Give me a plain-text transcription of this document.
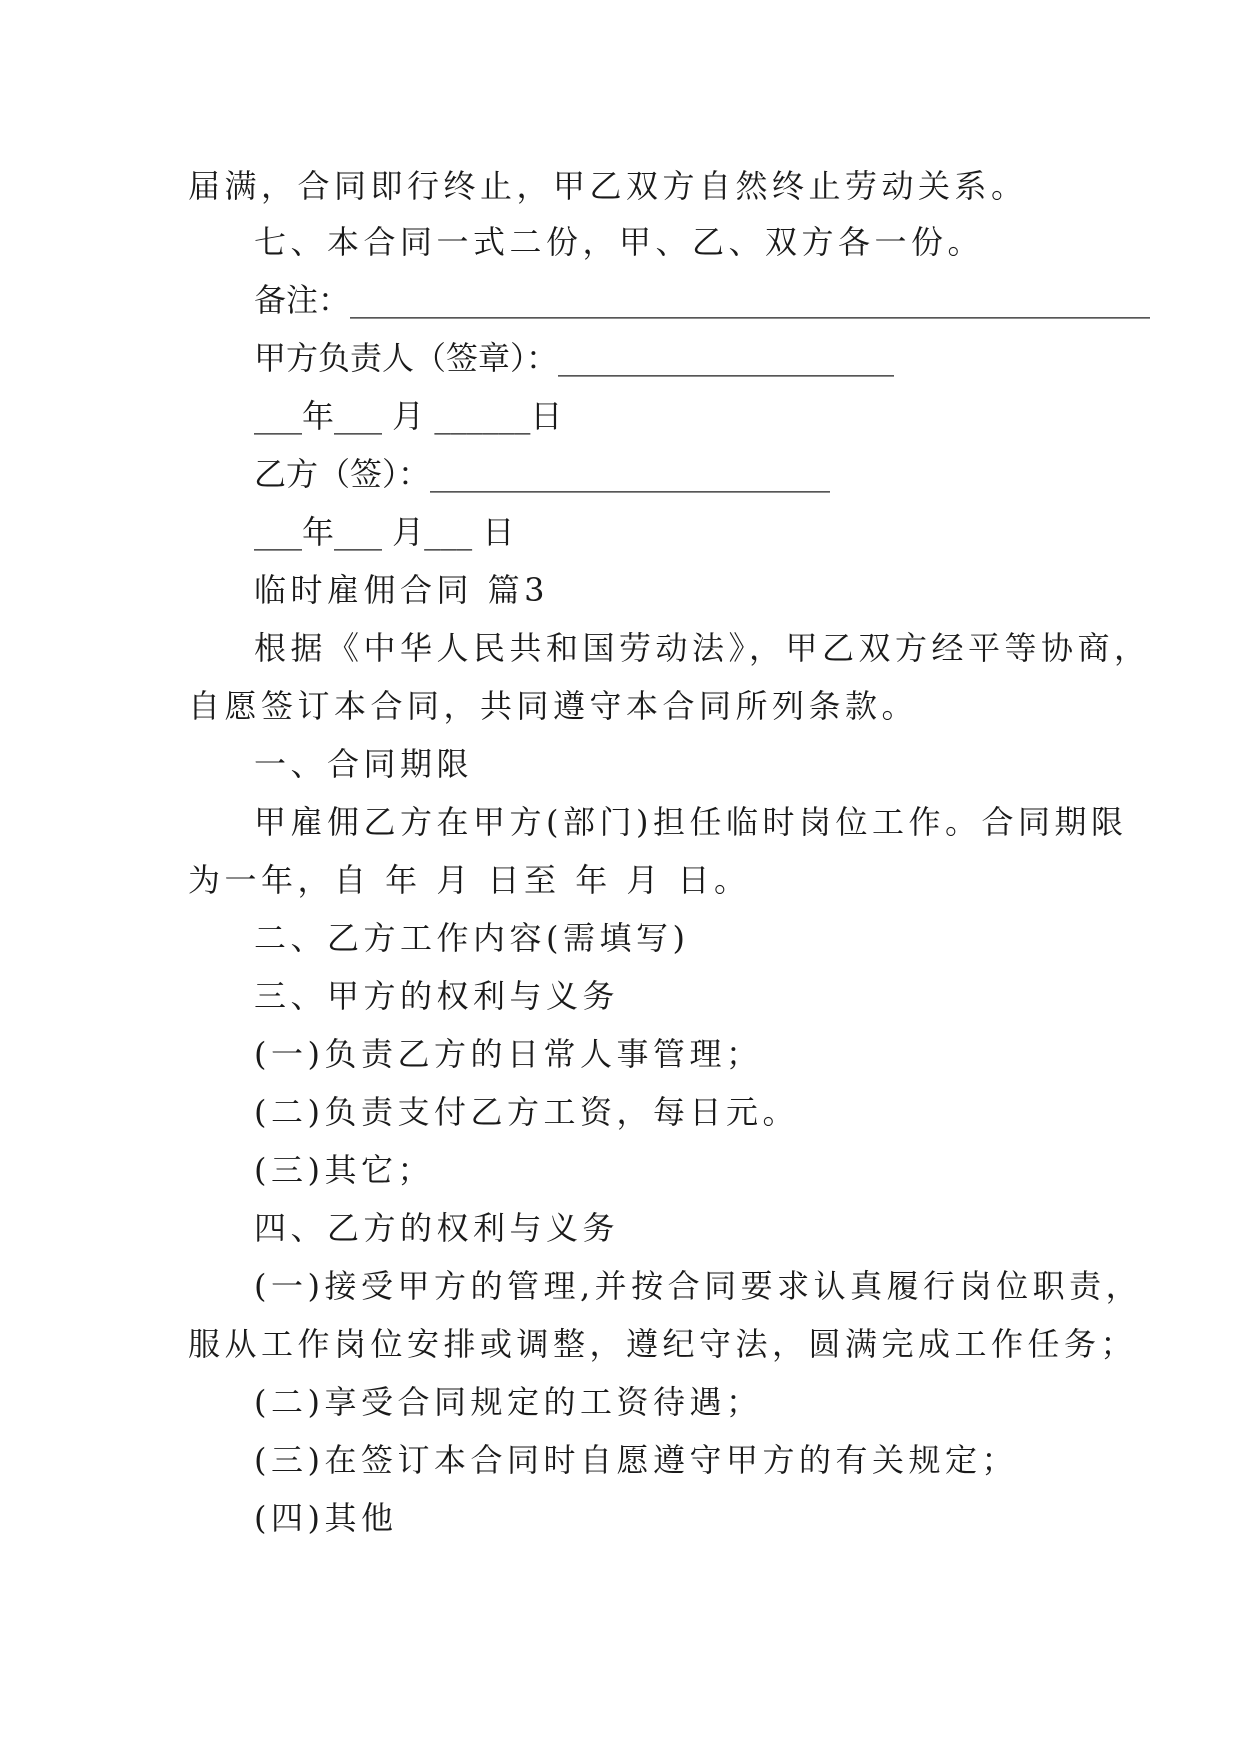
届满，合同即行终止，甲乙双方自然终止劳动关系。
七、本合同一式二份，甲、乙、双方各一份。
备注：__________________________________________________
甲方负责人（签章）：_____________________
___年___ 月 ______日
乙方（签）：_________________________
___年___ 月___ 日
临时雇佣合同 篇3
根据《中华人民共和国劳动法》，甲乙双方经平等协商，
自愿签订本合同，共同遵守本合同所列条款。
一、合同期限
甲雇佣乙方在甲方(部门)担任临时岗位工作。合同期限
为一年，自 年 月 日至 年 月 日。
二、乙方工作内容(需填写)
三、甲方的权利与义务
(一)负责乙方的日常人事管理；
(二)负责支付乙方工资，每日元。
(三)其它；
四、乙方的权利与义务
(一)接受甲方的管理,并按合同要求认真履行岗位职责，
服从工作岗位安排或调整，遵纪守法，圆满完成工作任务；
(二)享受合同规定的工资待遇；
(三)在签订本合同时自愿遵守甲方的有关规定；
(四)其他
